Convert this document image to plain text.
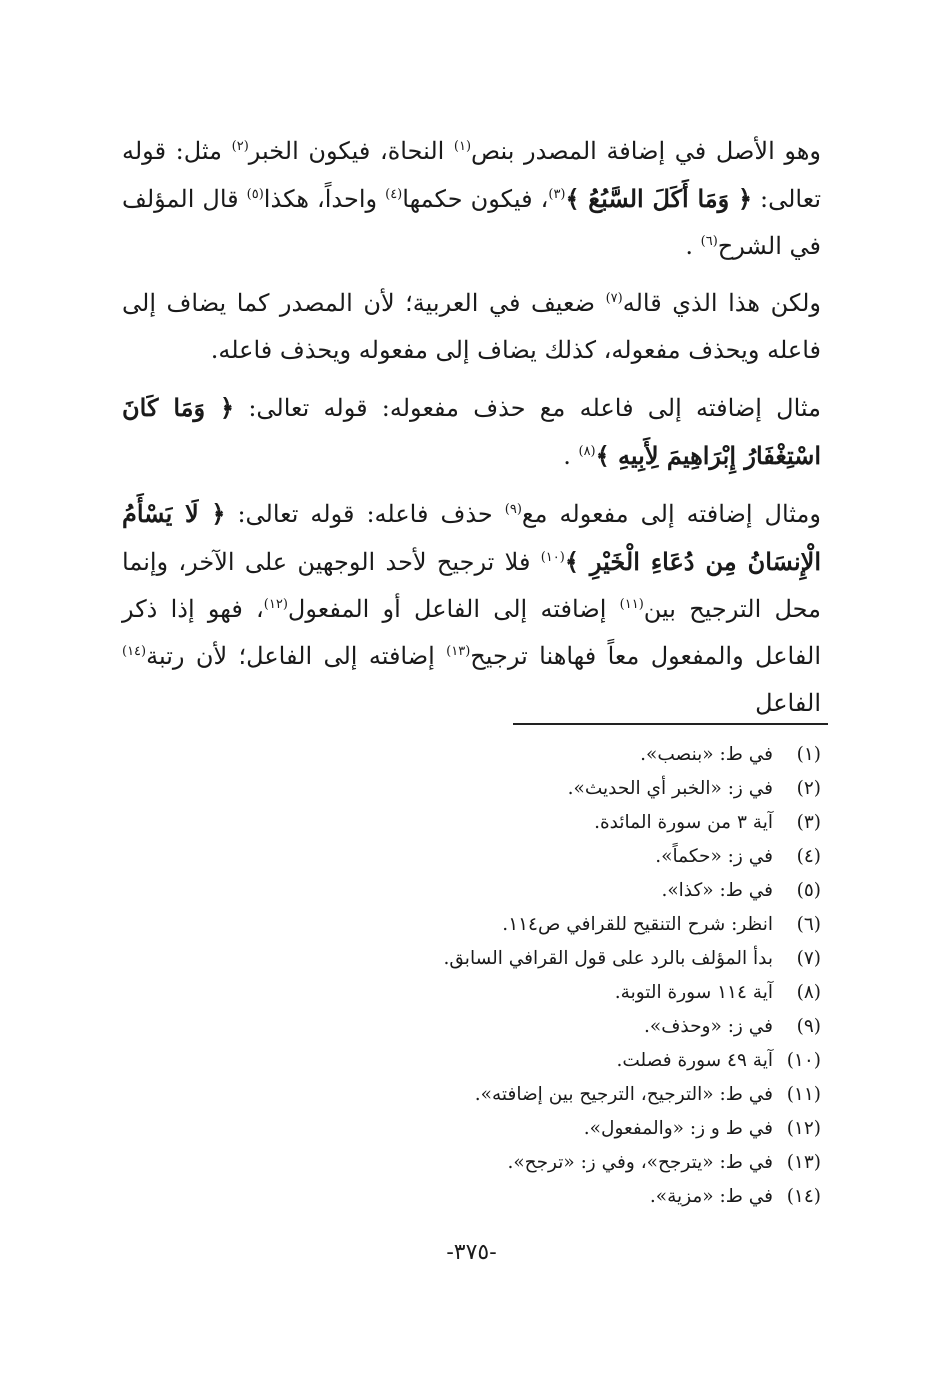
وهو الأصل في إضافة المصدر بنص$^{(١)}$ النحاة، فيكون الخبر$^{(٢)}$ مثل: قوله تعالى: ﴿ وَمَا أَكَلَ السَّبُعُ ﴾$^{(٣)}$، فيكون حكمها$^{(٤)}$ واحداً، هكذا$^{(٥)}$ قال المؤلف في الشرح$^{(٦)}$ .

ولكن هذا الذي قاله$^{(٧)}$ ضعيف في العربية؛ لأن المصدر كما يضاف إلى فاعله ويحذف مفعوله، كذلك يضاف إلى مفعوله ويحذف فاعله.

مثال إضافته إلى فاعله مع حذف مفعوله: قوله تعالى: ﴿ وَمَا كَانَ اسْتِغْفَارُ إِبْرَاهِيمَ لِأَبِيهِ ﴾$^{(٨)}$ .

ومثال إضافته إلى مفعوله مع$^{(٩)}$ حذف فاعله: قوله تعالى: ﴿ لَا يَسْأَمُ الْإِنسَانُ مِن دُعَاءِ الْخَيْرِ ﴾$^{(١٠)}$ فلا ترجيح لأحد الوجهين على الآخر، وإنما محل الترجيح بين$^{(١١)}$ إضافته إلى الفاعل أو المفعول$^{(١٢)}$، فهو إذا ذكر الفاعل والمفعول معاً فهاهنا ترجيح$^{(١٣)}$ إضافته إلى الفاعل؛ لأن رتبة$^{(١٤)}$ الفاعل

(١)في ط: «بنصب».
(٢)في ز: «الخبر أي الحديث».
(٣)آية ٣ من سورة المائدة.
(٤)في ز: «حكماً».
(٥)في ط: «كذا».
(٦)انظر: شرح التنقيح للقرافي ص١١٤.
(٧)بدأ المؤلف بالرد على قول القرافي السابق.
(٨)آية ١١٤ سورة التوبة.
(٩)في ز: «وحذف».
(١٠)آية ٤٩ سورة فصلت.
(١١)في ط: «الترجيح، الترجيح بين إضافته».
(١٢)في ط و ز: «والمفعول».
(١٣)في ط: «يترجح»، وفي ز: «ترجح».
(١٤)في ط: «مزية».
-٣٧٥-
